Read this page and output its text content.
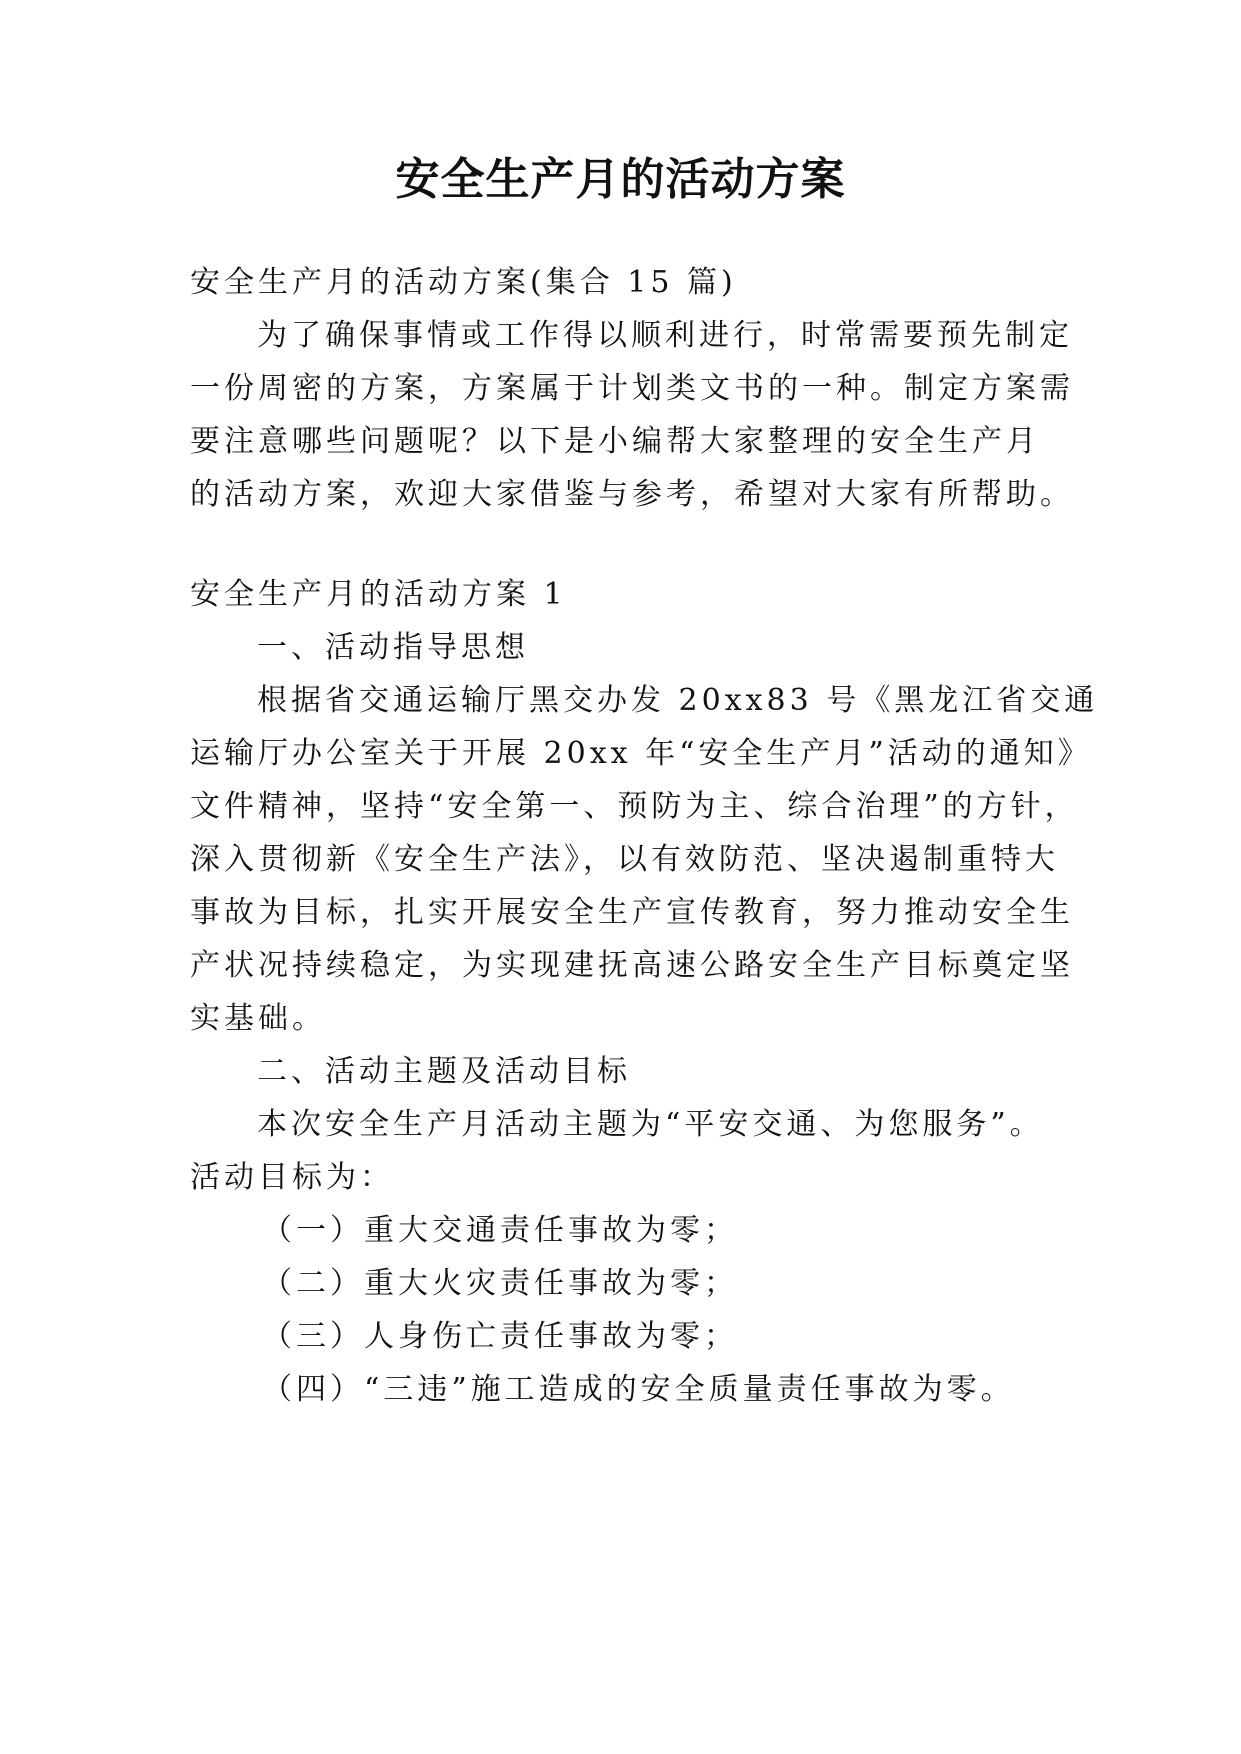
安全生产月的活动方案
安全生产月的活动方案(集合 15 篇)
为了确保事情或工作得以顺利进行，时常需要预先制定
一份周密的方案，方案属于计划类文书的一种。制定方案需
要注意哪些问题呢？以下是小编帮大家整理的安全生产月
的活动方案，欢迎大家借鉴与参考，希望对大家有所帮助。
安全生产月的活动方案 1
一、活动指导思想
根据省交通运输厅黑交办发 20xx83 号《黑龙江省交通
运输厅办公室关于开展 20xx 年“安全生产月”活动的通知》
文件精神，坚持“安全第一、预防为主、综合治理”的方针，
深入贯彻新《安全生产法》，以有效防范、坚决遏制重特大
事故为目标，扎实开展安全生产宣传教育，努力推动安全生
产状况持续稳定，为实现建抚高速公路安全生产目标奠定坚
实基础。
二、活动主题及活动目标
本次安全生产月活动主题为“平安交通、为您服务”。
活动目标为：
（一）重大交通责任事故为零；
（二）重大火灾责任事故为零；
（三）人身伤亡责任事故为零；
（四）“三违”施工造成的安全质量责任事故为零。
